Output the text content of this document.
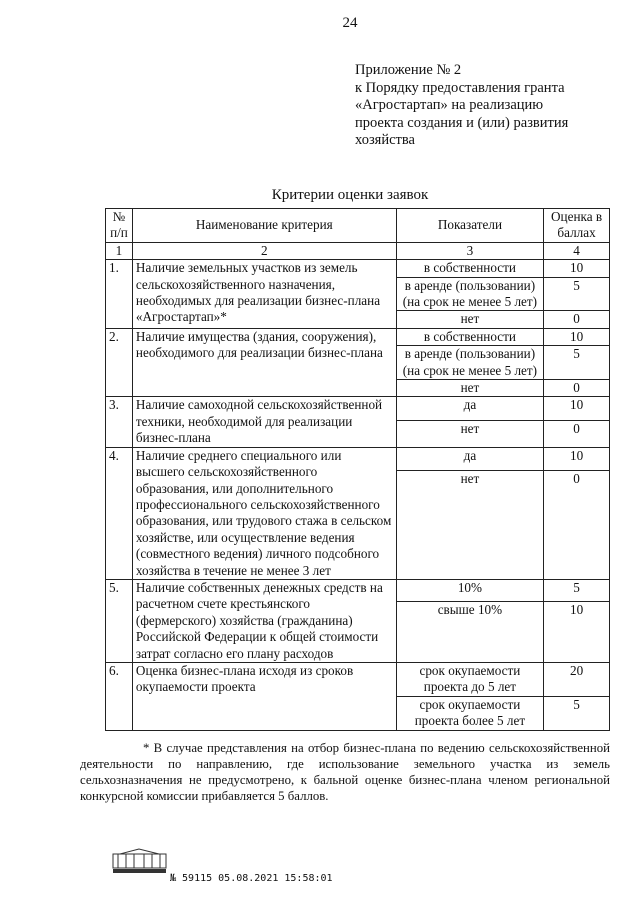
24
Приложение № 2
к Порядку предоставления гранта
«Агростартап» на реализацию
проекта создания и (или) развития
хозяйства
Критерии оценки заявок
№ п/п	Наименование критерия	Показатели	Оценка в баллах
1	2	3	4
1.	Наличие земельных участков из земель сельскохозяйственного назначения, необходимых для реализации бизнес-плана «Агростартап»*	в собственности	10
		в аренде (пользовании) (на срок не менее 5 лет)	5
		нет	0
2.	Наличие имущества (здания, сооружения), необходимого для реализации бизнес-плана	в собственности	10
		в аренде (пользовании) (на срок не менее 5 лет)	5
		нет	0
3.	Наличие самоходной сельскохозяйственной техники, необходимой для реализации бизнес-плана	да	10
		нет	0
4.	Наличие среднего специального или высшего сельскохозяйственного образования, или дополнительного профессионального сельскохозяйственного образования, или трудового стажа в сельском хозяйстве, или осуществление ведения (совместного ведения) личного подсобного хозяйства в течение не менее 3 лет	да	10
		нет	0
5.	Наличие собственных денежных средств на расчетном счете крестьянского (фермерского) хозяйства (гражданина) Российской Федерации к общей стоимости затрат согласно его плану расходов	10%	5
		свыше 10%	10
6.	Оценка бизнес-плана исходя из сроков окупаемости проекта	срок окупаемости проекта до 5 лет	20
		срок окупаемости проекта более 5 лет	5

* В случае представления на отбор бизнес-плана по ведению сельскохозяйственной деятельности по направлению, где использование земельного участка из земель сельхозназначения не предусмотрено, к бальной оценке бизнес-плана членом региональной конкурсной комиссии прибавляется 5 баллов.

№ 59115 05.08.2021 15:58:01
